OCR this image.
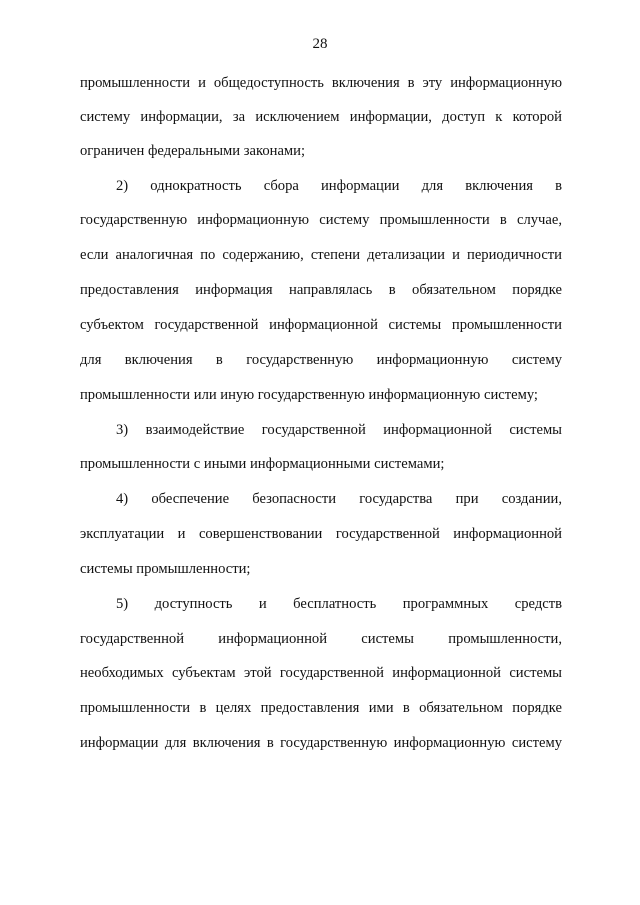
28
промышленности и общедоступность включения в эту информационную
систему информации, за исключением информации, доступ к которой
ограничен федеральными законами;
2) однократность сбора информации для включения в
государственную информационную систему промышленности в случае,
если аналогичная по содержанию, степени детализации и периодичности
предоставления информация направлялась в обязательном порядке
субъектом государственной информационной системы промышленности
для включения в государственную информационную систему
промышленности или иную государственную информационную систему;
3) взаимодействие государственной информационной системы
промышленности с иными информационными системами;
4) обеспечение безопасности государства при создании,
эксплуатации и совершенствовании государственной информационной
системы промышленности;
5) доступность и бесплатность программных средств
государственной информационной системы промышленности,
необходимых субъектам этой государственной информационной системы
промышленности в целях предоставления ими в обязательном порядке
информации для включения в государственную информационную систему
